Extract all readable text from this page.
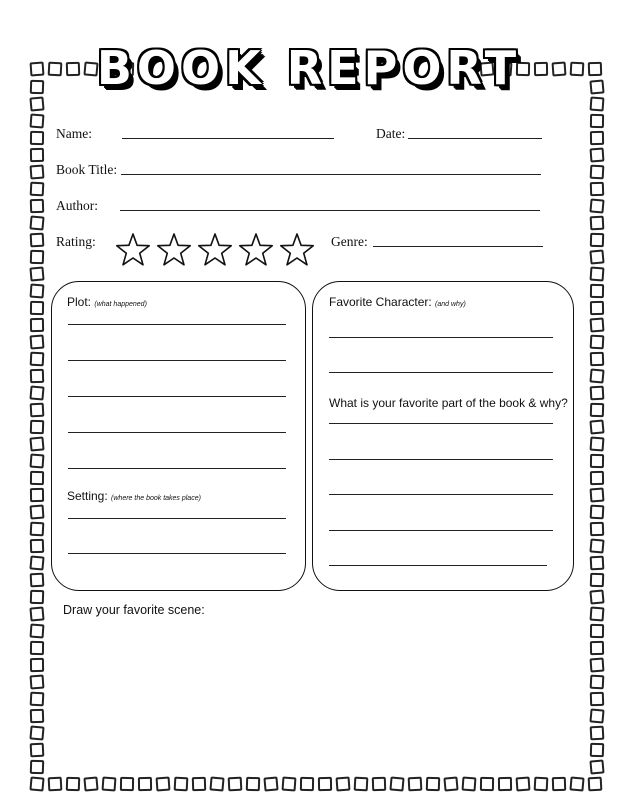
BOOK REPORT
Name:	Date:
Book Title:
Author:
Rating:	Genre:
Plot: (what happened)
Setting: (where the book takes place)
Favorite Character: (and why)
What is your favorite part of the book & why?
Draw your favorite scene:
